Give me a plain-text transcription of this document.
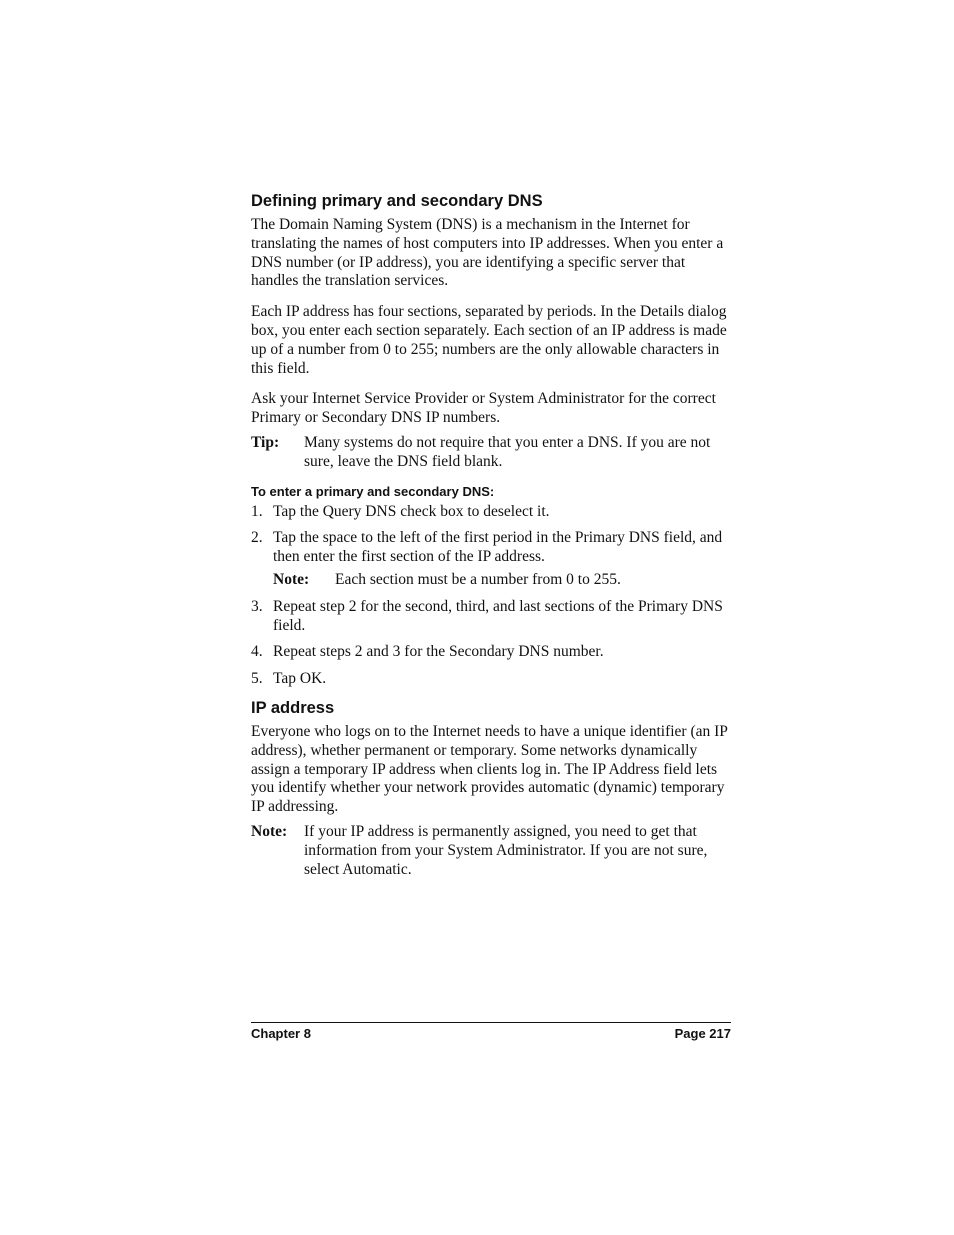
Defining primary and secondary DNS

The Domain Naming System (DNS) is a mechanism in the Internet for translating the names of host computers into IP addresses. When you enter a DNS number (or IP address), you are identifying a specific server that handles the translation services.

Each IP address has four sections, separated by periods. In the Details dialog box, you enter each section separately. Each section of an IP address is made up of a number from 0 to 255; numbers are the only allowable characters in this field.

Ask your Internet Service Provider or System Administrator for the correct Primary or Secondary DNS IP numbers.

Tip:	Many systems do not require that you enter a DNS. If you are not sure, leave the DNS field blank.
To enter a primary and secondary DNS:
1. Tap the Query DNS check box to deselect it.
2. Tap the space to the left of the first period in the Primary DNS field, and then enter the first section of the IP address.
Note:	Each section must be a number from 0 to 255.
3. Repeat step 2 for the second, third, and last sections of the Primary DNS field.
4. Repeat steps 2 and 3 for the Secondary DNS number.
5. Tap OK.
IP address

Everyone who logs on to the Internet needs to have a unique identifier (an IP address), whether permanent or temporary. Some networks dynamically assign a temporary IP address when clients log in. The IP Address field lets you identify whether your network provides automatic (dynamic) temporary IP addressing.

Note:	If your IP address is permanently assigned, you need to get that information from your System Administrator. If you are not sure, select Automatic.
Chapter 8	Page 217
